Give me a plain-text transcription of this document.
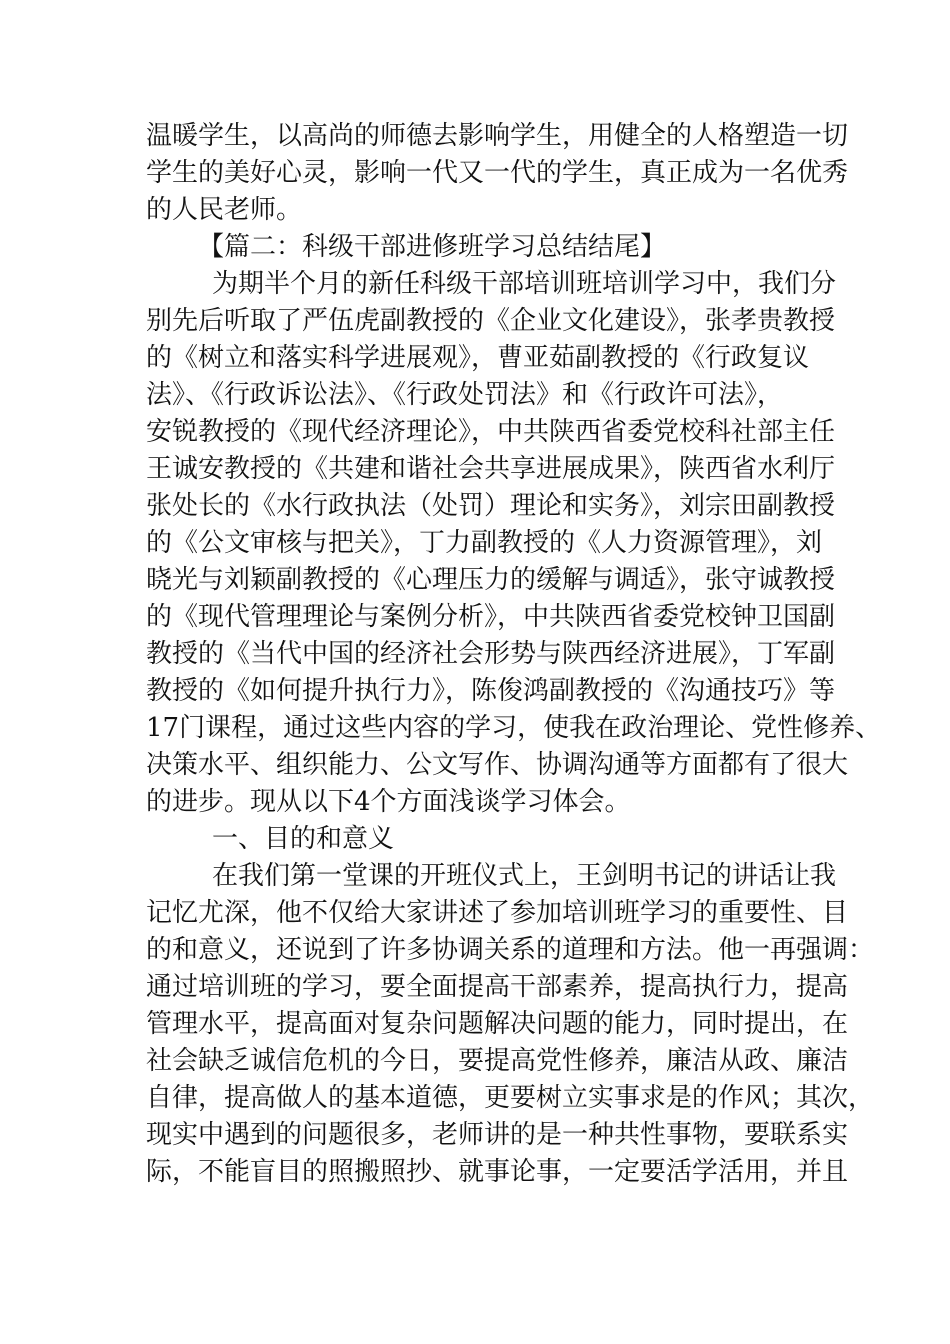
温暖学生，以高尚的师德去影响学生，用健全的人格塑造一切
学生的美好心灵，影响一代又一代的学生，真正成为一名优秀
的人民老师。
【篇二：科级干部进修班学习总结结尾】
为期半个月的新任科级干部培训班培训学习中，我们分
别先后听取了严伍虎副教授的《企业文化建设》，张孝贵教授
的《树立和落实科学进展观》，曹亚茹副教授的《行政复议
法》、《行政诉讼法》、《行政处罚法》和《行政许可法》，
安锐教授的《现代经济理论》，中共陕西省委党校科社部主任
王诚安教授的《共建和谐社会共享进展成果》，陕西省水利厅
张处长的《水行政执法（处罚）理论和实务》，刘宗田副教授
的《公文审核与把关》，丁力副教授的《人力资源管理》，刘
晓光与刘颖副教授的《心理压力的缓解与调适》，张守诚教授
的《现代管理理论与案例分析》，中共陕西省委党校钟卫国副
教授的《当代中国的经济社会形势与陕西经济进展》，丁军副
教授的《如何提升执行力》，陈俊鸿副教授的《沟通技巧》等
17门课程，通过这些内容的学习，使我在政治理论、党性修养、
决策水平、组织能力、公文写作、协调沟通等方面都有了很大
的进步。现从以下4个方面浅谈学习体会。
一、目的和意义
在我们第一堂课的开班仪式上，王剑明书记的讲话让我
记忆尤深，他不仅给大家讲述了参加培训班学习的重要性、目
的和意义，还说到了许多协调关系的道理和方法。他一再强调：
通过培训班的学习，要全面提高干部素养，提高执行力，提高
管理水平，提高面对复杂问题解决问题的能力，同时提出，在
社会缺乏诚信危机的今日，要提高党性修养，廉洁从政、廉洁
自律，提高做人的基本道德，更要树立实事求是的作风；其次，
现实中遇到的问题很多，老师讲的是一种共性事物，要联系实
际，不能盲目的照搬照抄、就事论事，一定要活学活用，并且
